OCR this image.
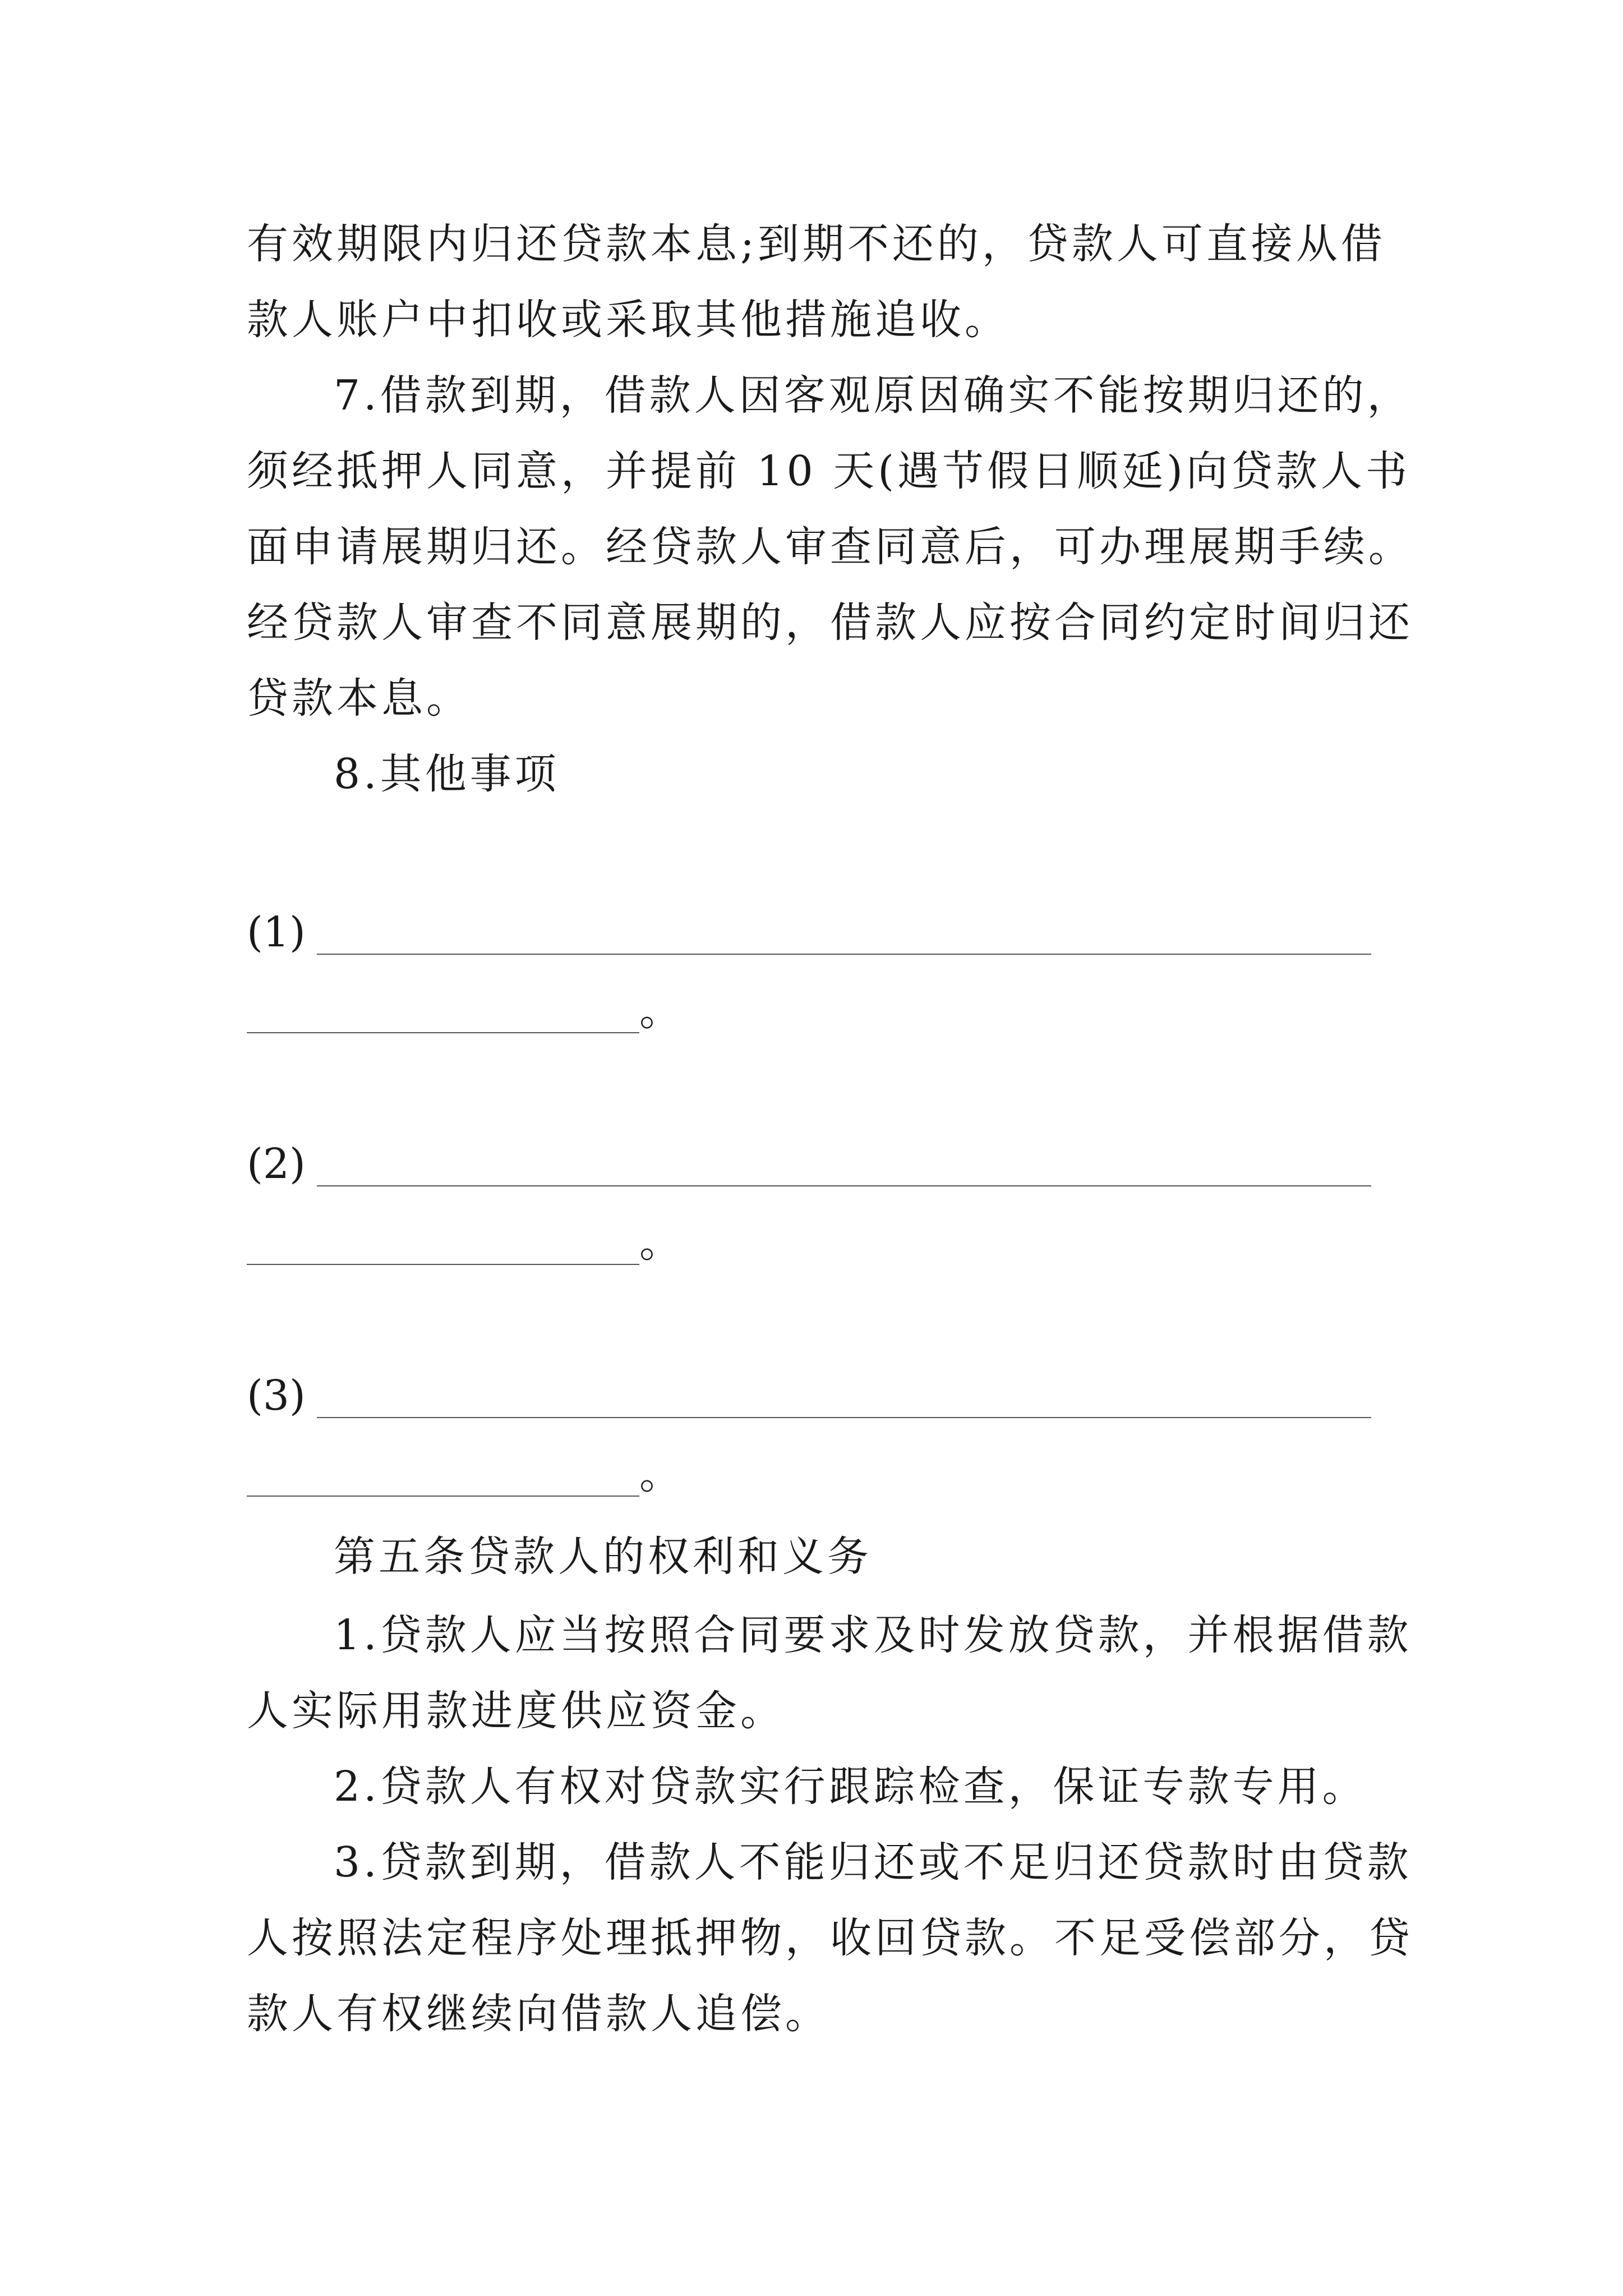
有效期限内归还贷款本息;到期不还的，贷款人可直接从借
款人账户中扣收或采取其他措施追收。
7.借款到期，借款人因客观原因确实不能按期归还的，
须经抵押人同意，并提前 10 天(遇节假日顺延)向贷款人书
面申请展期归还。经贷款人审查同意后，可办理展期手续。
经贷款人审查不同意展期的，借款人应按合同约定时间归还
贷款本息。
8.其他事项
(1)
。
(2)
。
(3)
。
第五条贷款人的权利和义务
1.贷款人应当按照合同要求及时发放贷款，并根据借款
人实际用款进度供应资金。
2.贷款人有权对贷款实行跟踪检查，保证专款专用。
3.贷款到期，借款人不能归还或不足归还贷款时由贷款
人按照法定程序处理抵押物，收回贷款。不足受偿部分，贷
款人有权继续向借款人追偿。
